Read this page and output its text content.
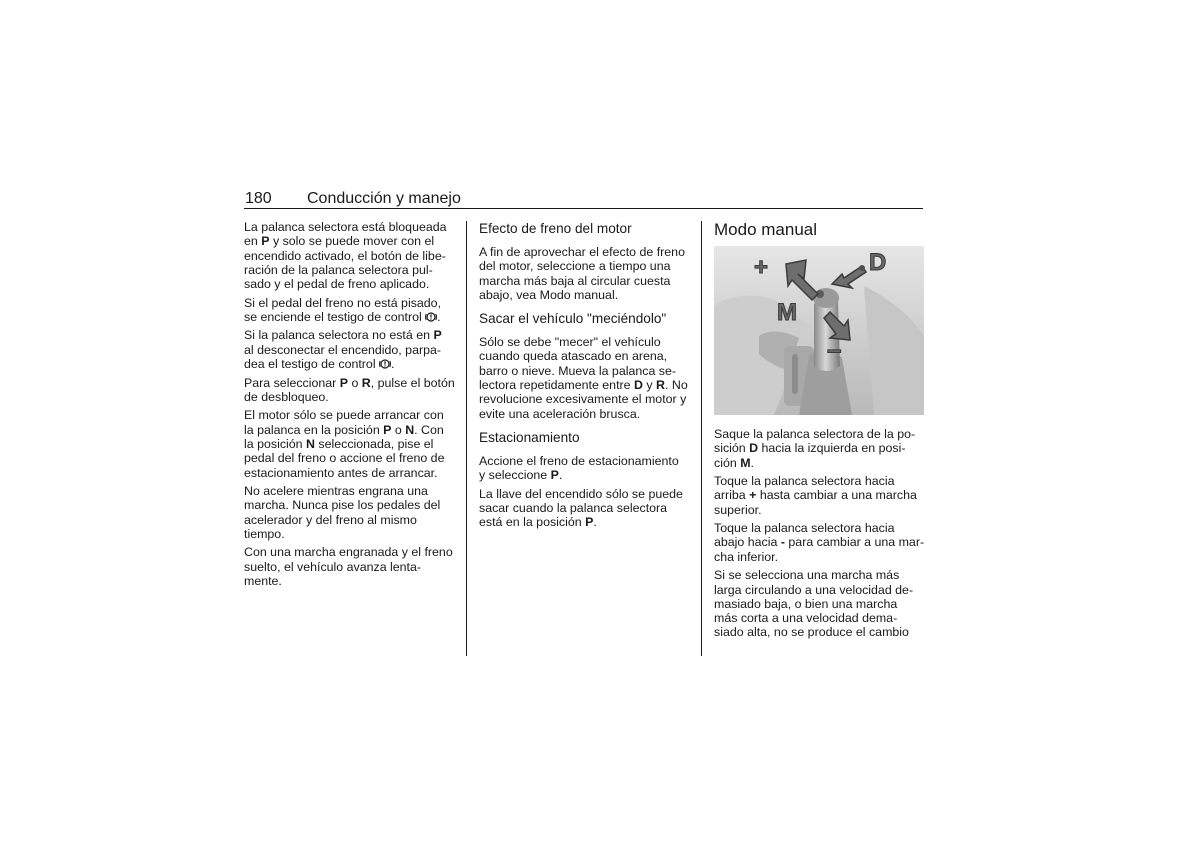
180 Conducción y manejo

La palanca selectora está bloqueada
en P y solo se puede mover con el
encendido activado, el botón de libe-
ración de la palanca selectora pul-
sado y el pedal de freno aplicado.

Si el pedal del freno no está pisado,
se enciende el testigo de control .

Si la palanca selectora no está en P
al desconectar el encendido, parpa-
dea el testigo de control .

Para seleccionar P o R, pulse el botón
de desbloqueo.

El motor sólo se puede arrancar con
la palanca en la posición P o N. Con
la posición N seleccionada, pise el
pedal del freno o accione el freno de
estacionamiento antes de arrancar.

No acelere mientras engrana una
marcha. Nunca pise los pedales del
acelerador y del freno al mismo
tiempo.

Con una marcha engranada y el freno
suelto, el vehículo avanza lenta-
mente.

Efecto de freno del motor

A fin de aprovechar el efecto de freno
del motor, seleccione a tiempo una
marcha más baja al circular cuesta
abajo, vea Modo manual.

Sacar el vehículo "meciéndolo"

Sólo se debe "mecer" el vehículo
cuando queda atascado en arena,
barro o nieve. Mueva la palanca se-
lectora repetidamente entre D y R. No
revolucione excesivamente el motor y
evite una aceleración brusca.

Estacionamiento

Accione el freno de estacionamiento
y seleccione P.

La llave del encendido sólo se puede
sacar cuando la palanca selectora
está en la posición P.

Modo manual
+	D
M
–

Saque la palanca selectora de la po-
sición D hacia la izquierda en posi-
ción M.

Toque la palanca selectora hacia
arriba + hasta cambiar a una marcha
superior.

Toque la palanca selectora hacia
abajo hacia - para cambiar a una mar-
cha inferior.

Si se selecciona una marcha más
larga circulando a una velocidad de-
masiado baja, o bien una marcha
más corta a una velocidad dema-
siado alta, no se produce el cambio
